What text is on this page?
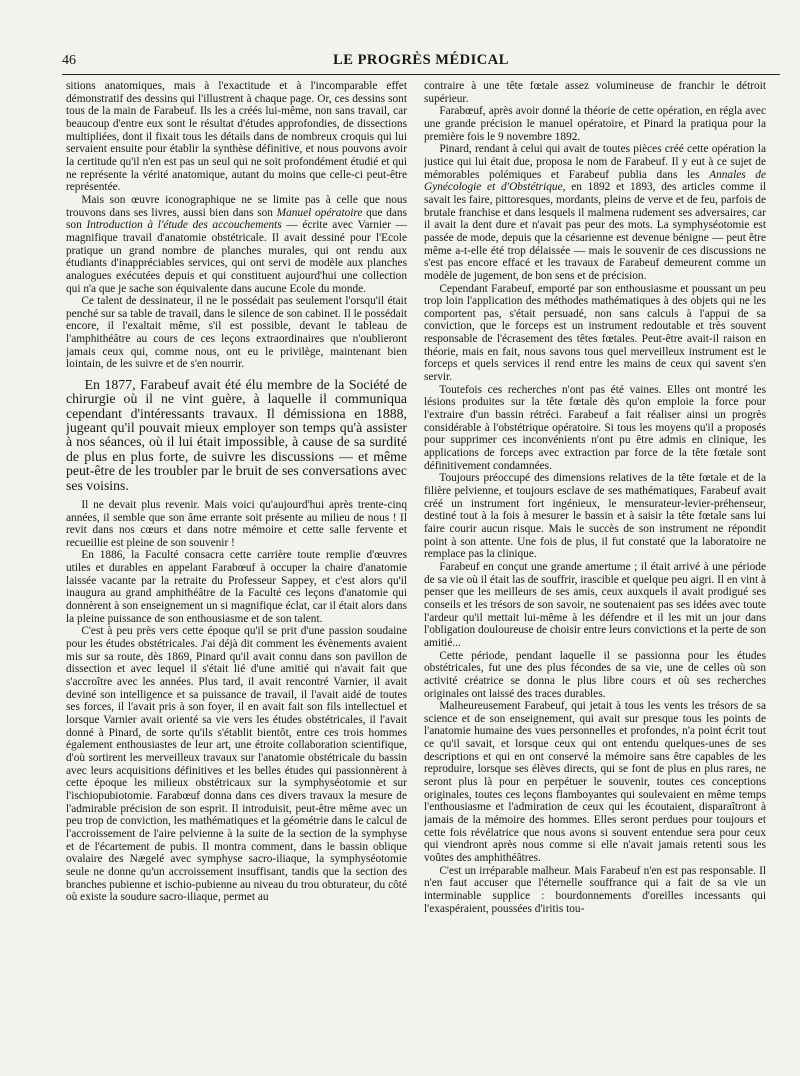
46	LE PROGRÈS MÉDICAL

sitions anatomiques, mais à l'exactitude et à l'incomparable effet démonstratif des dessins qui l'illustrent à chaque page. Or, ces dessins sont tous de la main de Farabeuf. Ils les a créés lui-même, non sans travail, car beaucoup d'entre eux sont le résultat d'études approfondies, de dissections multipliées, dont il fixait tous les détails dans de nombreux croquis qui lui servaient ensuite pour établir la synthèse définitive, et nous pouvons avoir la certitude qu'il n'en est pas un seul qui ne soit profondément étudié et qui ne représente la vérité anatomique, autant du moins que celle-ci peut-être représentée.

Mais son œuvre iconographique ne se limite pas à celle que nous trouvons dans ses livres, aussi bien dans son Manuel opératoire que dans son Introduction à l'étude des accouchements — écrite avec Varnier — magnifique travail d'anatomie obstétricale. Il avait dessiné pour l'Ecole pratique un grand nombre de planches murales, qui ont rendu aux étudiants d'inappréciables services, qui ont servi de modèle aux planches analogues exécutées depuis et qui constituent aujourd'hui une collection qui n'a que je sache son équivalente dans aucune Ecole du monde.

Ce talent de dessinateur, il ne le possédait pas seulement l'orsqu'il était penché sur sa table de travail, dans le silence de son cabinet. Il le possédait encore, il l'exaltait même, s'il est possible, devant le tableau de l'amphithéâtre au cours de ces leçons extraordinaires que n'oublieront jamais ceux qui, comme nous, ont eu le privilège, maintenant bien lointain, de les suivre et de s'en nourrir.

En 1877, Farabeuf avait été élu membre de la Société de chirurgie où il ne vint guère, à laquelle il communiqua cependant d'intéressants travaux. Il démissiona en 1888, jugeant qu'il pouvait mieux employer son temps qu'à assister à nos séances, où il lui était impossible, à cause de sa surdité de plus en plus forte, de suivre les discussions — et même peut-être de les troubler par le bruit de ses conversations avec ses voisins.

Il ne devait plus revenir. Mais voici qu'aujourd'hui après trente-cinq années, il semble que son âme errante soit présente au milieu de nous ! Il revit dans nos cœurs et dans notre mémoire et cette salle fervente et recueillie est pleine de son souvenir !

En 1886, la Faculté consacra cette carrière toute remplie d'œuvres utiles et durables en appelant Farabœuf à occuper la chaire d'anatomie laissée vacante par la retraite du Professeur Sappey, et c'est alors qu'il inaugura au grand amphithéâtre de la Faculté ces leçons d'anatomie qui donnèrent à son enseignement un si magnifique éclat, car il était alors dans la pleine puissance de son enthousiasme et de son talent.

C'est à peu près vers cette époque qu'il se prit d'une passion soudaine pour les études obstétricales. J'ai déjà dit comment les évènements avaient mis sur sa route, dès 1869, Pinard qu'il avait connu dans son pavillon de dissection et avec lequel il s'était lié d'une amitié qui n'avait fait que s'accroître avec les années. Plus tard, il avait rencontré Varnier, il avait deviné son intelligence et sa puissance de travail, il l'avait aidé de toutes ses forces, il l'avait pris à son foyer, il en avait fait son fils intellectuel et lorsque Varnier avait orienté sa vie vers les études obstétricales, il l'avait donné à Pinard, de sorte qu'ils s'établit bientôt, entre ces trois hommes également enthousiastes de leur art, une étroite collaboration scientifique, d'où sortirent les merveilleux travaux sur l'anatomie obstétricale du bassin avec leurs acquisitions définitives et les belles études qui passionnèrent à cette époque les milieux obstétricaux sur la symphyséotomie et sur l'ischiopubiotomie. Farabœuf donna dans ces divers travaux la mesure de l'admirable précision de son esprit. Il introduisit, peut-être même avec un peu trop de conviction, les mathématiques et la géométrie dans le calcul de l'accroissement de l'aire pelvienne à la suite de la section de la symphyse et de l'écartement de pubis. Il montra comment, dans le bassin oblique ovalaire des Nægelé avec symphyse sacro-iliaque, la symphyséotomie seule ne donne qu'un accroissement insuffisant, tandis que la section des branches pubienne et ischio-pubienne au niveau du trou obturateur, du côté où existe la soudure sacro-iliaque, permet au

contraire à une tête fœtale assez volumineuse de franchir le détroit supérieur.

Farabœuf, après avoir donné la théorie de cette opération, en régla avec une grande précision le manuel opératoire, et Pinard la pratiqua pour la première fois le 9 novembre 1892.

Pinard, rendant à celui qui avait de toutes pièces créé cette opération la justice qui lui était due, proposa le nom de Farabeuf. Il y eut à ce sujet de mémorables polémiques et Farabeuf publia dans les Annales de Gynécologie et d'Obstétrique, en 1892 et 1893, des articles comme il savait les faire, pittoresques, mordants, pleins de verve et de feu, parfois de brutale franchise et dans lesquels il malmena rudement ses adversaires, car il avait la dent dure et n'avait pas peur des mots. La symphyséotomie est passée de mode, depuis que la césarienne est devenue bénigne — peut être même a-t-elle été trop délaissée — mais le souvenir de ces discussions ne s'est pas encore effacé et les travaux de Farabeuf demeurent comme un modèle de jugement, de bon sens et de précision.

Cependant Farabeuf, emporté par son enthousiasme et poussant un peu trop loin l'application des méthodes mathématiques à des objets qui ne les comportent pas, s'était persuadé, non sans calculs à l'appui de sa conviction, que le forceps est un instrument redoutable et très souvent responsable de l'écrasement des têtes fœtales. Peut-être avait-il raison en théorie, mais en fait, nous savons tous quel merveilleux instrument est le forceps et quels services il rend entre les mains de ceux qui savent s'en servir.

Toutefois ces recherches n'ont pas été vaines. Elles ont montré les lésions produites sur la tête fœtale dès qu'on emploie la force pour l'extraire d'un bassin rétréci. Farabeuf a fait réaliser ainsi un progrès considérable à l'obstétrique opératoire. Si tous les moyens qu'il a proposés pour supprimer ces inconvénients n'ont pu être admis en clinique, les applications de forceps avec extraction par force de la tête fœtale sont définitivement condamnées.

Toujours préoccupé des dimensions relatives de la tête fœtale et de la filière pelvienne, et toujours esclave de ses mathématiques, Farabeuf avait créé un instrument fort ingénieux, le mensurateur-levier-préhenseur, destiné tout à la fois à mesurer le bassin et à saisir la tête fœtale sans lui faire courir aucun risque. Mais le succès de son instrument ne répondit point à son attente. Une fois de plus, il fut constaté que la laboratoire ne remplace pas la clinique.

Farabeuf en conçut une grande amertume ; il était arrivé à une période de sa vie où il était las de souffrir, irascible et quelque peu aigri. Il en vint à penser que les meilleurs de ses amis, ceux auxquels il avait prodigué ses conseils et les trésors de son savoir, ne soutenaient pas ses idées avec toute l'ardeur qu'il mettait lui-même à les défendre et il les mit un jour dans l'obligation douloureuse de choisir entre leurs convictions et la perte de son amitié...

Cette période, pendant laquelle il se passionna pour les études obstétricales, fut une des plus fécondes de sa vie, une de celles où son activité créatrice se donna le plus libre cours et où ses recherches originales ont laissé des traces durables.

Malheureusement Farabeuf, qui jetait à tous les vents les trésors de sa science et de son enseignement, qui avait sur presque tous les points de l'anatomie humaine des vues personnelles et profondes, n'a point écrit tout ce qu'il savait, et lorsque ceux qui ont entendu quelques-unes de ses descriptions et qui en ont conservé la mémoire sans être capables de les reproduire, lorsque ses élèves directs, qui se font de plus en plus rares, ne seront plus là pour en perpétuer le souvenir, toutes ces conceptions originales, toutes ces leçons flamboyantes qui soulevaient en même temps l'enthousiasme et l'admiration de ceux qui les écoutaient, disparaîtront à jamais de la mémoire des hommes. Elles seront perdues pour toujours et cette fois révélatrice que nous avons si souvent entendue sera pour ceux qui viendront après nous comme si elle n'avait jamais retenti sous les voûtes des amphithéâtres.

C'est un irréparable malheur. Mais Farabeuf n'en est pas responsable. Il n'en faut accuser que l'éternelle souffrance qui a fait de sa vie un interminable supplice : bourdonnements d'oreilles incessants qui l'exaspéraient, poussées d'iritis tou-
